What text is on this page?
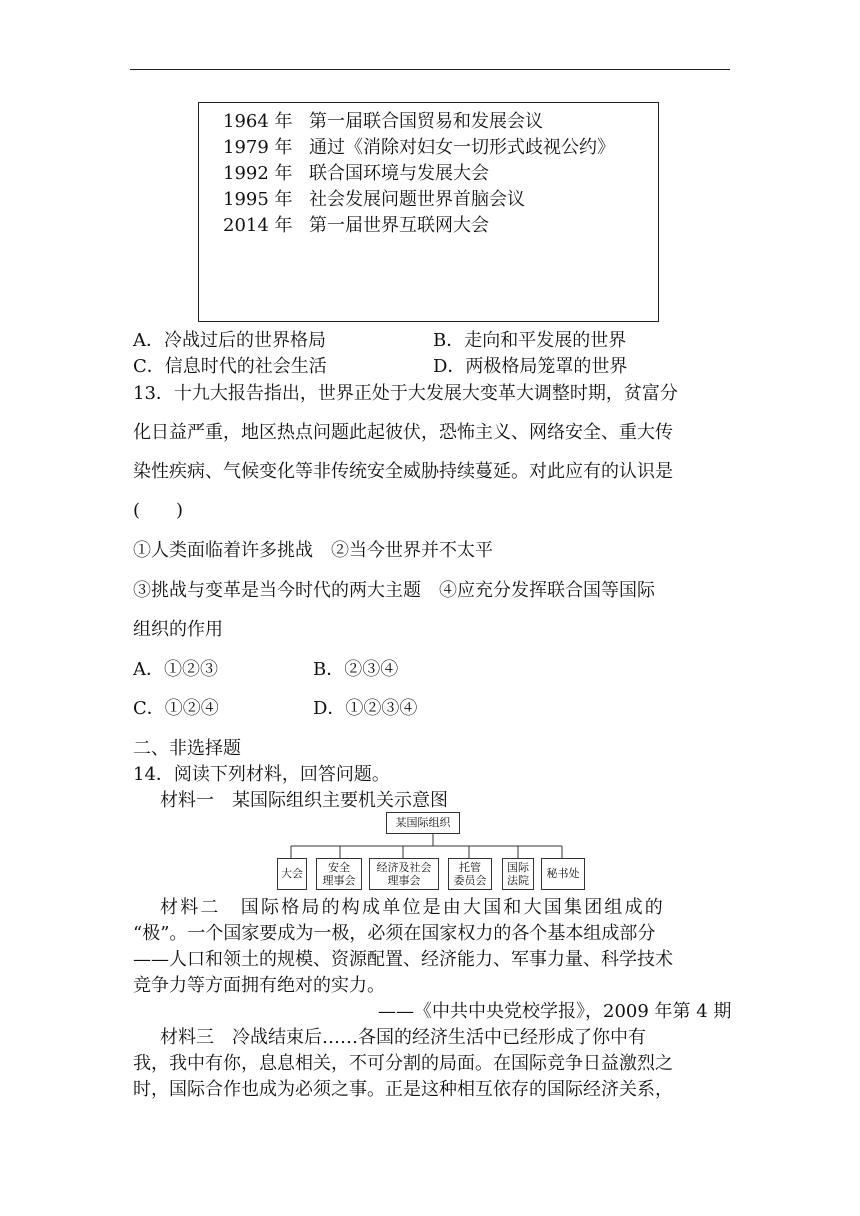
1964 年 第一届联合国贸易和发展会议
1979 年 通过《消除对妇女一切形式歧视公约》
1992 年 联合国环境与发展大会
1995 年 社会发展问题世界首脑会议
2014 年 第一届世界互联网大会
A．冷战过后的世界格局	B．走向和平发展的世界
C．信息时代的社会生活	D．两极格局笼罩的世界
13．十九大报告指出，世界正处于大发展大变革大调整时期，贫富分
化日益严重，地区热点问题此起彼伏，恐怖主义、网络安全、重大传
染性疾病、气候变化等非传统安全威胁持续蔓延。对此应有的认识是
(　　)
①人类面临着许多挑战　②当今世界并不太平
③挑战与变革是当今时代的两大主题　④应充分发挥联合国等国际
组织的作用
A．①②③	B．②③④
C．①②④	D．①②③④
二、非选择题
14．阅读下列材料，回答问题。
材料一　某国际组织主要机关示意图
某国际组织
大会	安全
理事会
经济及社会
理事会
托管
委员会
国际
法院
秘书处
材料二　国际格局的构成单位是由大国和大国集团组成的
“极”。一个国家要成为一极，必须在国家权力的各个基本组成部分
——人口和领土的规模、资源配置、经济能力、军事力量、科学技术
竞争力等方面拥有绝对的实力。
——《中共中央党校学报》，2009 年第 4 期
材料三　冷战结束后……各国的经济生活中已经形成了你中有
我，我中有你，息息相关，不可分割的局面。在国际竞争日益激烈之
时，国际合作也成为必须之事。正是这种相互依存的国际经济关系，
